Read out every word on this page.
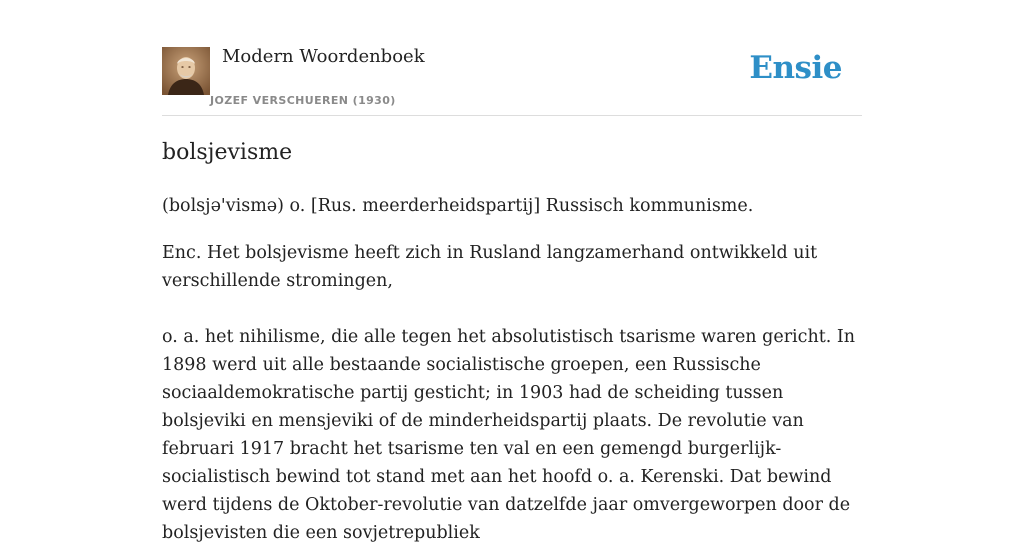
Modern Woordenboek
JOZEF VERSCHUEREN (1930)
Ensie
bolsjevisme

(bolsjə'vismə) o. [Rus. meerderheidspartij] Russisch kommunisme.

Enc. Het bolsjevisme heeft zich in Rusland langzamerhand ontwikkeld uit verschillende stromingen,

o. a. het nihilisme, die alle tegen het absolutistisch tsarisme waren gericht. In 1898 werd uit alle bestaande socialistische groepen, een Russische sociaaldemokratische partij gesticht; in 1903 had de scheiding tussen bolsjeviki en mensjeviki of de minderheidspartij plaats. De revolutie van februari 1917 bracht het tsarisme ten val en een gemengd burgerlijk-socialistisch bewind tot stand met aan het hoofd o. a. Kerenski. Dat bewind werd tijdens de Oktober-revolutie van datzelfde jaar omvergeworpen door de bolsjevisten die een sovjetrepubliek
